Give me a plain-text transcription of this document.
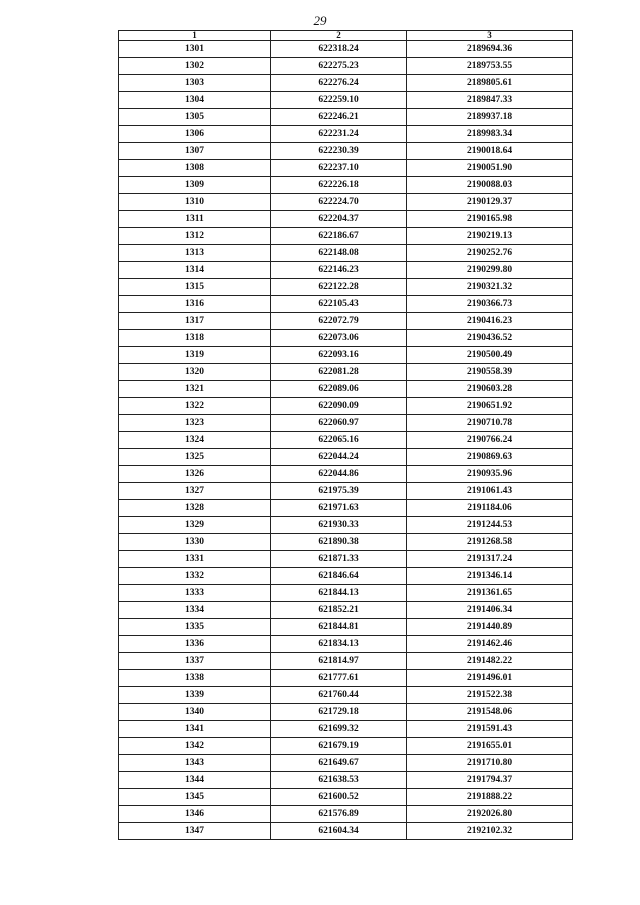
29
1	2	3
1301	622318.24	2189694.36
1302	622275.23	2189753.55
1303	622276.24	2189805.61
1304	622259.10	2189847.33
1305	622246.21	2189937.18
1306	622231.24	2189983.34
1307	622230.39	2190018.64
1308	622237.10	2190051.90
1309	622226.18	2190088.03
1310	622224.70	2190129.37
1311	622204.37	2190165.98
1312	622186.67	2190219.13
1313	622148.08	2190252.76
1314	622146.23	2190299.80
1315	622122.28	2190321.32
1316	622105.43	2190366.73
1317	622072.79	2190416.23
1318	622073.06	2190436.52
1319	622093.16	2190500.49
1320	622081.28	2190558.39
1321	622089.06	2190603.28
1322	622090.09	2190651.92
1323	622060.97	2190710.78
1324	622065.16	2190766.24
1325	622044.24	2190869.63
1326	622044.86	2190935.96
1327	621975.39	2191061.43
1328	621971.63	2191184.06
1329	621930.33	2191244.53
1330	621890.38	2191268.58
1331	621871.33	2191317.24
1332	621846.64	2191346.14
1333	621844.13	2191361.65
1334	621852.21	2191406.34
1335	621844.81	2191440.89
1336	621834.13	2191462.46
1337	621814.97	2191482.22
1338	621777.61	2191496.01
1339	621760.44	2191522.38
1340	621729.18	2191548.06
1341	621699.32	2191591.43
1342	621679.19	2191655.01
1343	621649.67	2191710.80
1344	621638.53	2191794.37
1345	621600.52	2191888.22
1346	621576.89	2192026.80
1347	621604.34	2192102.32
